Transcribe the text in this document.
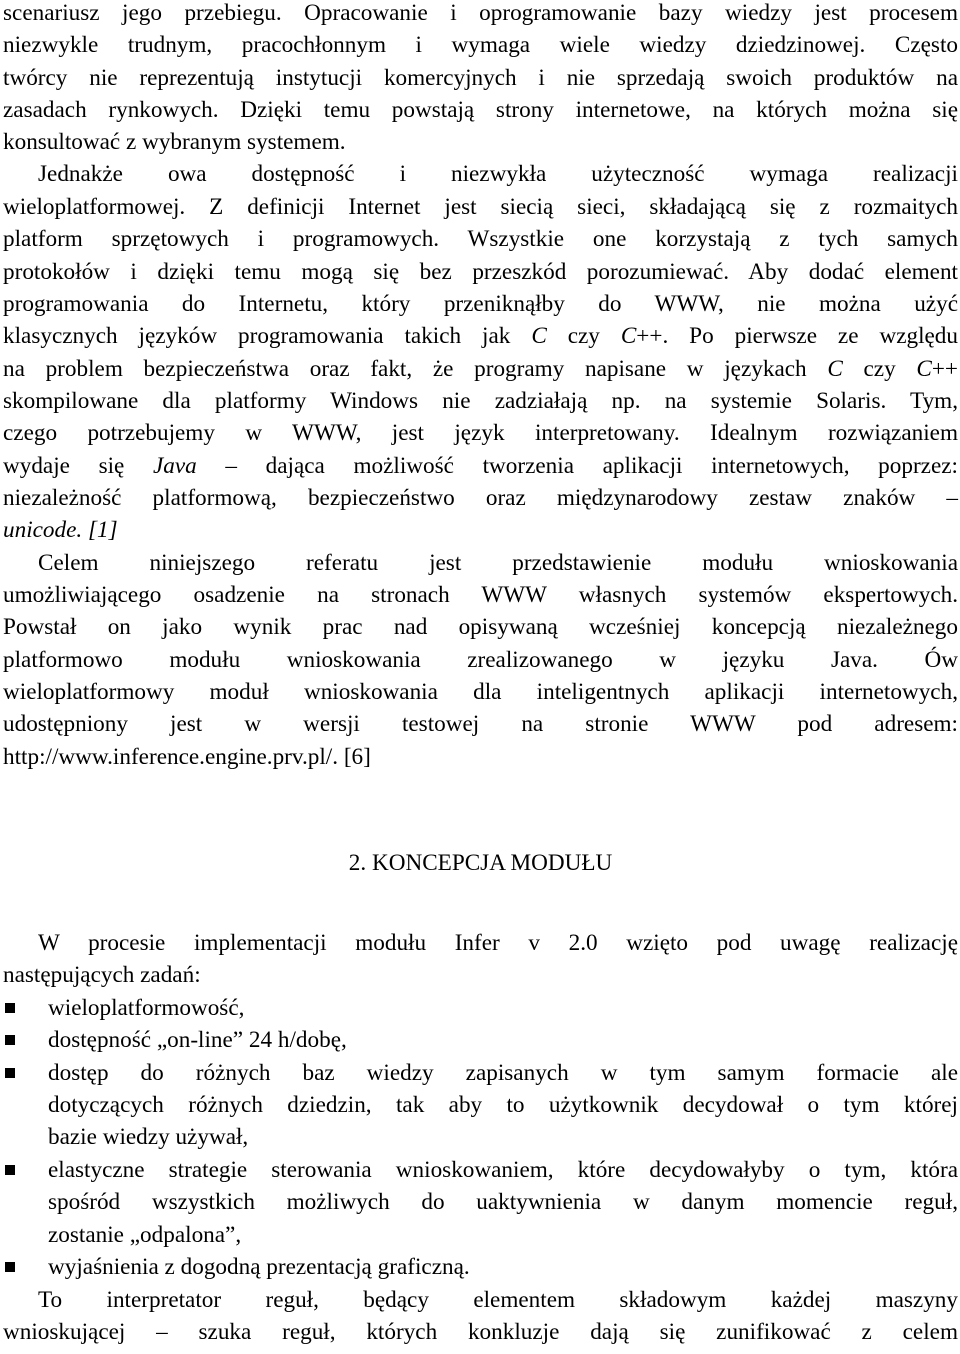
scenariusz jego przebiegu. Opracowanie i oprogramowanie bazy wiedzy jest procesem
niezwykle trudnym, pracochłonnym i wymaga wiele wiedzy dziedzinowej. Często
twórcy nie reprezentują instytucji komercyjnych i nie sprzedają swoich produktów na
zasadach rynkowych. Dzięki temu powstają strony internetowe, na których można się
konsultować z wybranym systemem.
Jednakże owa dostępność i niezwykła użyteczność wymaga realizacji
wieloplatformowej. Z definicji Internet jest siecią sieci, składającą się z rozmaitych
platform sprzętowych i programowych. Wszystkie one korzystają z tych samych
protokołów i dzięki temu mogą się bez przeszkód porozumiewać. Aby dodać element
programowania do Internetu, który przeniknąłby do WWW, nie można użyć
klasycznych języków programowania takich jak C czy C++. Po pierwsze ze względu
na problem bezpieczeństwa oraz fakt, że programy napisane w językach C czy C++
skompilowane dla platformy Windows nie zadziałają np. na systemie Solaris. Tym,
czego potrzebujemy w WWW, jest język interpretowany. Idealnym rozwiązaniem
wydaje się Java – dająca możliwość tworzenia aplikacji internetowych, poprzez:
niezależność platformową, bezpieczeństwo oraz międzynarodowy zestaw znaków –
unicode. [1]
Celem niniejszego referatu jest przedstawienie modułu wnioskowania
umożliwiającego osadzenie na stronach WWW własnych systemów ekspertowych.
Powstał on jako wynik prac nad opisywaną wcześniej koncepcją niezależnego
platformowo modułu wnioskowania zrealizowanego w języku Java. Ów
wieloplatformowy moduł wnioskowania dla inteligentnych aplikacji internetowych,
udostępniony jest w wersji testowej na stronie WWW pod adresem:
http://www.inference.engine.prv.pl/. [6]
2. KONCEPCJA MODUŁU
W procesie implementacji modułu Infer v 2.0 wzięto pod uwagę realizację
następujących zadań:
wieloplatformowość,
dostępność „on-line” 24 h/dobę,
dostęp do różnych baz wiedzy zapisanych w tym samym formacie ale
dotyczących różnych dziedzin, tak aby to użytkownik decydował o tym której
bazie wiedzy używał,
elastyczne strategie sterowania wnioskowaniem, które decydowałyby o tym, która
spośród wszystkich możliwych do uaktywnienia w danym momencie reguł,
zostanie „odpalona”,
wyjaśnienia z dogodną prezentacją graficzną.
To interpretator reguł, będący elementem składowym każdej maszyny
wnioskującej – szuka reguł, których konkluzje dają się zunifikować z celem
